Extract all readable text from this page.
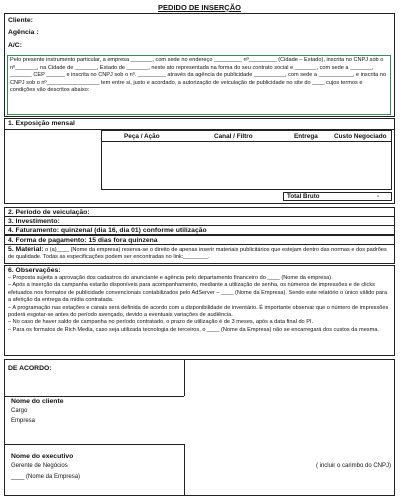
PEDIDO DE INSERÇÃO
Cliente:
Agência :
A/C:
Pelo presente instrumento particular, a empresa _______, com sede no endereço _________ nº_________ (Cidade – Estado), inscrita no CNPJ sob o nº_______, na Cidade de _______, Estado de _______, neste ato representada na forma do seu contrato social e _______, com sede a _______, _______ CEP ______ e inscrita no CNPJ sob o nº. _________ através da agência de publicidade __________, com sede a ___________, e inscrita no CNPJ sob o nº_________________ tem entre si, justo e acordado, a autorização de veiculação de publicidade no site do ____ cujos termos e condições vão descritos abaixo:
1. Exposição mensal
Peça / Ação	Canal / Filtro	Entrega	Custo Negociado
Total Bruto	-
2. Período de veiculação:
3. Investimento:
4. Faturamento: quinzenal (dia 16, dia 01) conforme utilização
4. Forma de pagamento: 15 dias fora quinzena
5. Material: o (a)____ (Nome da empresa) reserva-se o direito de apenas inserir materiais publicitários que estejam dentro das normas e dos padrões de qualidade. Todas as especificações podem ser encontradas no link:________.
6. Observações:
– Proposta sujeita a aprovação dos cadastros do anunciante e agência pelo departamento financeiro do ____ (Nome da empresa).
– Após a inserção da campanha estarão disponíveis para acompanhamento, mediante a utilização de senha, os números de impressões e de clicks efetuados nos formatos de publicidade convencionais contabilizados pelo AdServer – ____ (Nome da Empresa). Sendo este relatório o único válido para a aferição da entrega da mídia contratada.
– A programação nas estações e canais será definida de acordo com a disponibilidade de inventário. É importante observar que o número de impressões poderá esgotar-se antes do período avençado, devido a eventuais variações de audiência.
– No caso de haver saldo de campanha no período contratado, o prazo de utilização é de 3 meses, após a data final do PI.
– Para os formatos de Rich Media, caso seja utilizada tecnologia de terceiros, o ____ (Nome da Empresa) não se encarregará dos custos da mesma.
DE ACORDO:
Nome do cliente
Cargo
Empresa
Nome do executivo
Gerente de Negócios
____ (Nome da Empresa)
( incluir o carimbo do CNPJ)
